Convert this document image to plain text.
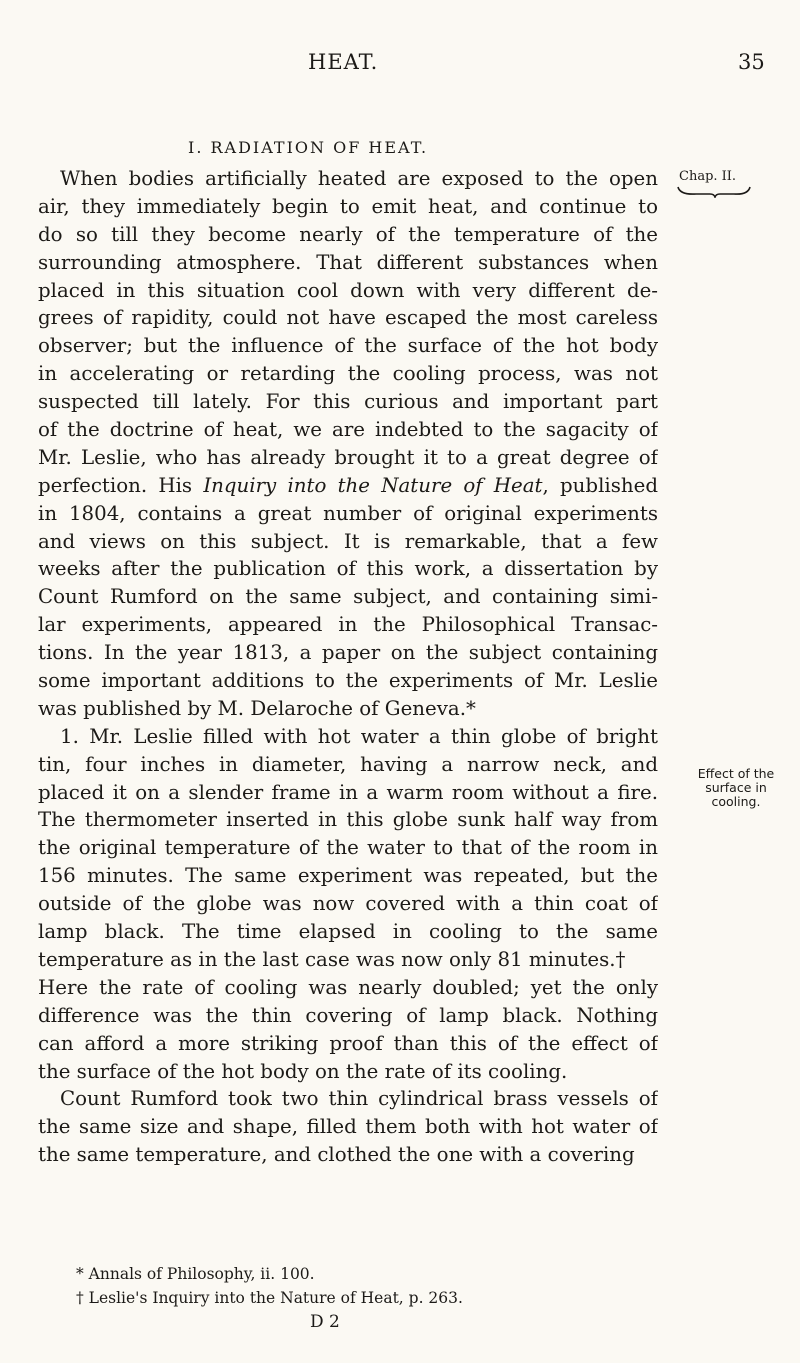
HEAT.	35
I. RADIATION OF HEAT.
When bodies artificially heated are exposed to the open
air, they immediately begin to emit heat, and continue to
do so till they become nearly of the temperature of the
surrounding atmosphere. That different substances when
placed in this situation cool down with very different de-
grees of rapidity, could not have escaped the most careless
observer; but the influence of the surface of the hot body
in accelerating or retarding the cooling process, was not
suspected till lately. For this curious and important part
of the doctrine of heat, we are indebted to the sagacity of
Mr. Leslie, who has already brought it to a great degree of
perfection. His Inquiry into the Nature of Heat, published
in 1804, contains a great number of original experiments
and views on this subject. It is remarkable, that a few
weeks after the publication of this work, a dissertation by
Count Rumford on the same subject, and containing simi-
lar experiments, appeared in the Philosophical Transac-
tions. In the year 1813, a paper on the subject containing
some important additions to the experiments of Mr. Leslie
was published by M. Delaroche of Geneva.*
1. Mr. Leslie filled with hot water a thin globe of bright
tin, four inches in diameter, having a narrow neck, and
placed it on a slender frame in a warm room without a fire.
The thermometer inserted in this globe sunk half way from
the original temperature of the water to that of the room in
156 minutes. The same experiment was repeated, but the
outside of the globe was now covered with a thin coat of
lamp black. The time elapsed in cooling to the same
temperature as in the last case was now only 81 minutes.†
Here the rate of cooling was nearly doubled; yet the only
difference was the thin covering of lamp black. Nothing
can afford a more striking proof than this of the effect of
the surface of the hot body on the rate of its cooling.
Count Rumford took two thin cylindrical brass vessels of
the same size and shape, filled them both with hot water of
the same temperature, and clothed the one with a covering
Chap. II.
Effect of the
surface in
cooling.
* Annals of Philosophy, ii. 100.
† Leslie's Inquiry into the Nature of Heat, p. 263.
D 2
